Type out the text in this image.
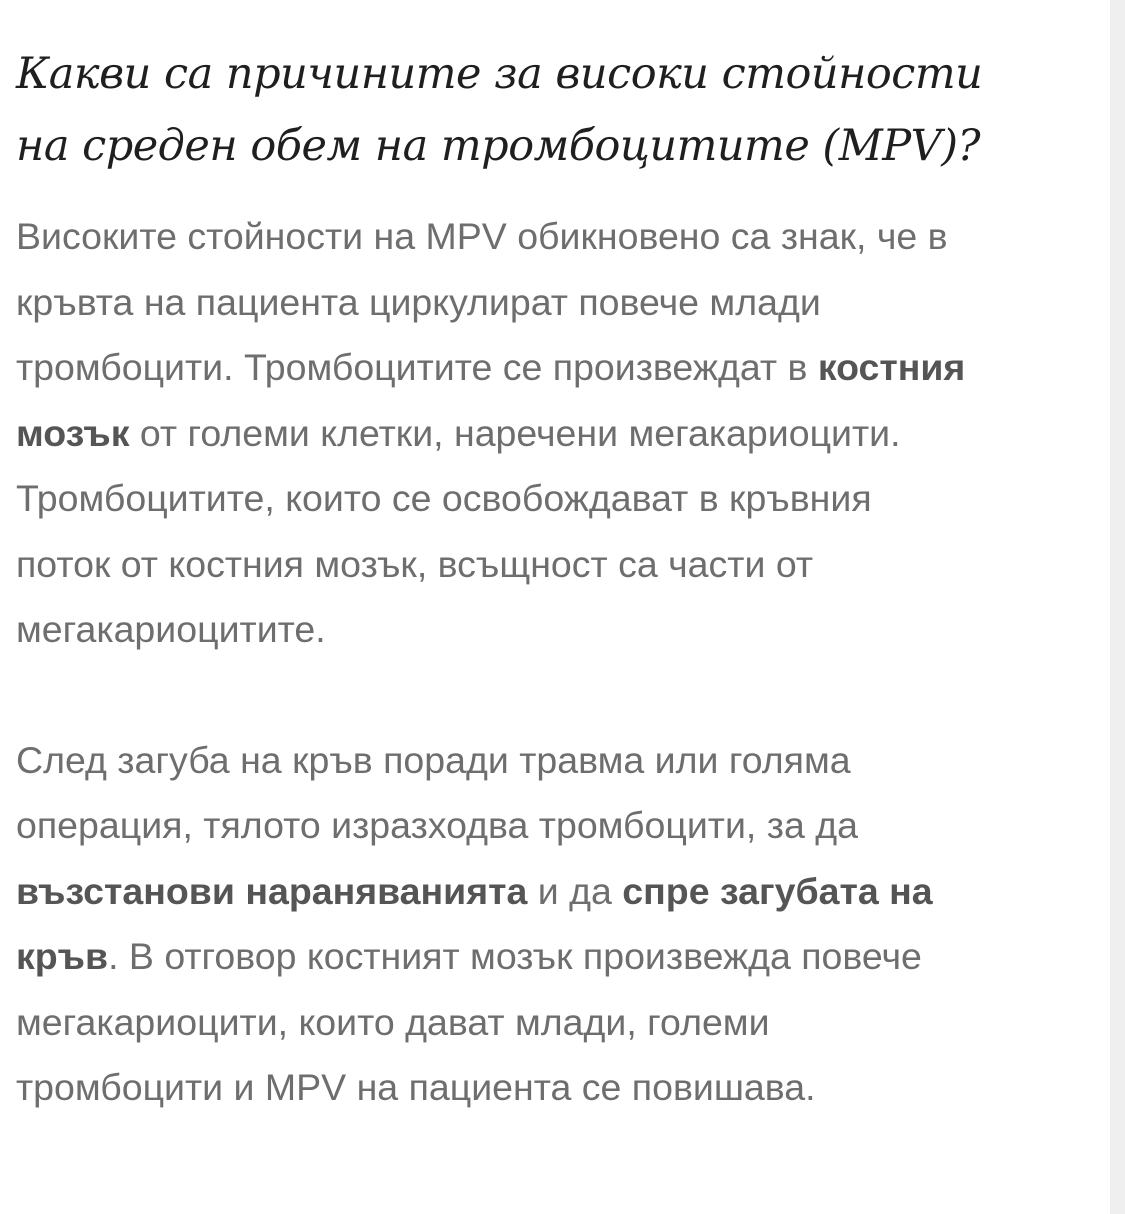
Какви са причините за високи стойности
на среден обем на тромбоцитите (MPV)?

Високите стойности на MPV обикновено са знак, че в
кръвта на пациента циркулират повече млади
тромбоцити. Тромбоцитите се произвеждат в костния
мозък от големи клетки, наречени мегакариоцити.
Тромбоцитите, които се освобождават в кръвния
поток от костния мозък, всъщност са части от
мегакариоцитите.

След загуба на кръв поради травма или голяма
операция, тялото изразходва тромбоцити, за да
възстанови нараняванията и да спре загубата на
кръв. В отговор костният мозък произвежда повече
мегакариоцити, които дават млади, големи
тромбоцити и MPV на пациента се повишава.
